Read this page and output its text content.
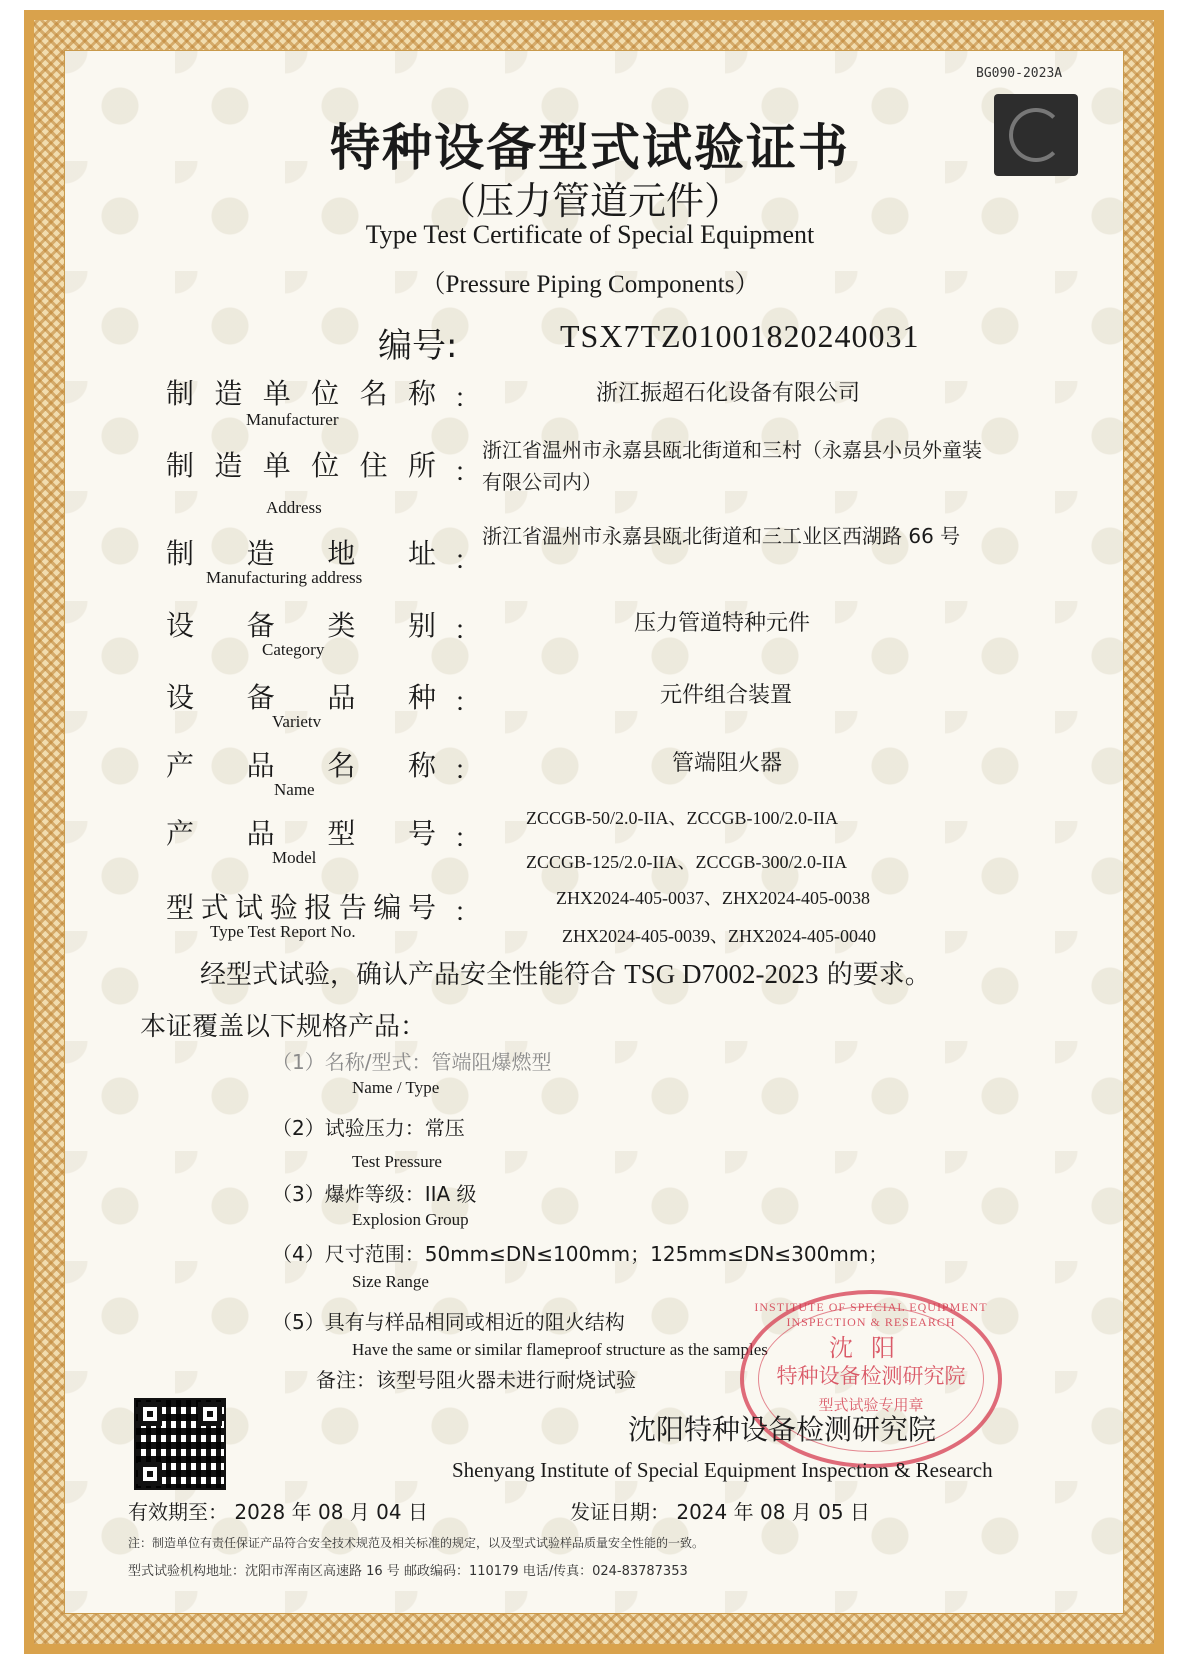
BG090-2023A
特种设备型式试验证书
（压力管道元件）
Type Test Certificate of Special Equipment
（Pressure Piping Components）
编号:	TSX7TZ01001820240031
制 造 单 位 名 称 ：
Manufacturer
浙江振超石化设备有限公司
制 造 单 位 住 所 ：
Address
浙江省温州市永嘉县瓯北街道和三村（永嘉县小员外童装
有限公司内）
制 造 地 址 ：
Manufacturing address
浙江省温州市永嘉县瓯北街道和三工业区西湖路 66 号
设 备 类 别 ：
Category
压力管道特种元件
设 备 品 种 ：
Varietv
元件组合装置
产 品 名 称 ：
Name
管端阻火器
产 品 型 号 ：
Model
ZCCGB-50/2.0-IIA、ZCCGB-100/2.0-IIA
ZCCGB-125/2.0-IIA、ZCCGB-300/2.0-IIA
型 式 试 验 报 告 编 号 ：
Type Test Report No.
ZHX2024-405-0037、ZHX2024-405-0038
ZHX2024-405-0039、ZHX2024-405-0040
经型式试验，确认产品安全性能符合 TSG D7002-2023 的要求。
本证覆盖以下规格产品：
（1）名称/型式：管端阻爆燃型
Name / Type
（2）试验压力：常压
Test Pressure
（3）爆炸等级：IIA 级
Explosion Group
（4）尺寸范围：50mm≤DN≤100mm；125mm≤DN≤300mm；
Size Range
（5）具有与样品相同或相近的阻火结构
Have the same or similar flameproof structure as the samples
备注：该型号阻火器未进行耐烧试验
INSTITUTE OF SPECIAL EQUIPMENT INSPECTION & RESEARCH
沈阳
特种设备检测研究院
型式试验专用章
沈阳特种设备检测研究院
Shenyang Institute of Special Equipment Inspection & Research
有效期至： 2028 年 08 月 04 日	发证日期： 2024 年 08 月 05 日
注：制造单位有责任保证产品符合安全技术规范及相关标准的规定，以及型式试验样品质量安全性能的一致。
型式试验机构地址：沈阳市浑南区高速路 16 号 邮政编码：110179 电话/传真：024-83787353
